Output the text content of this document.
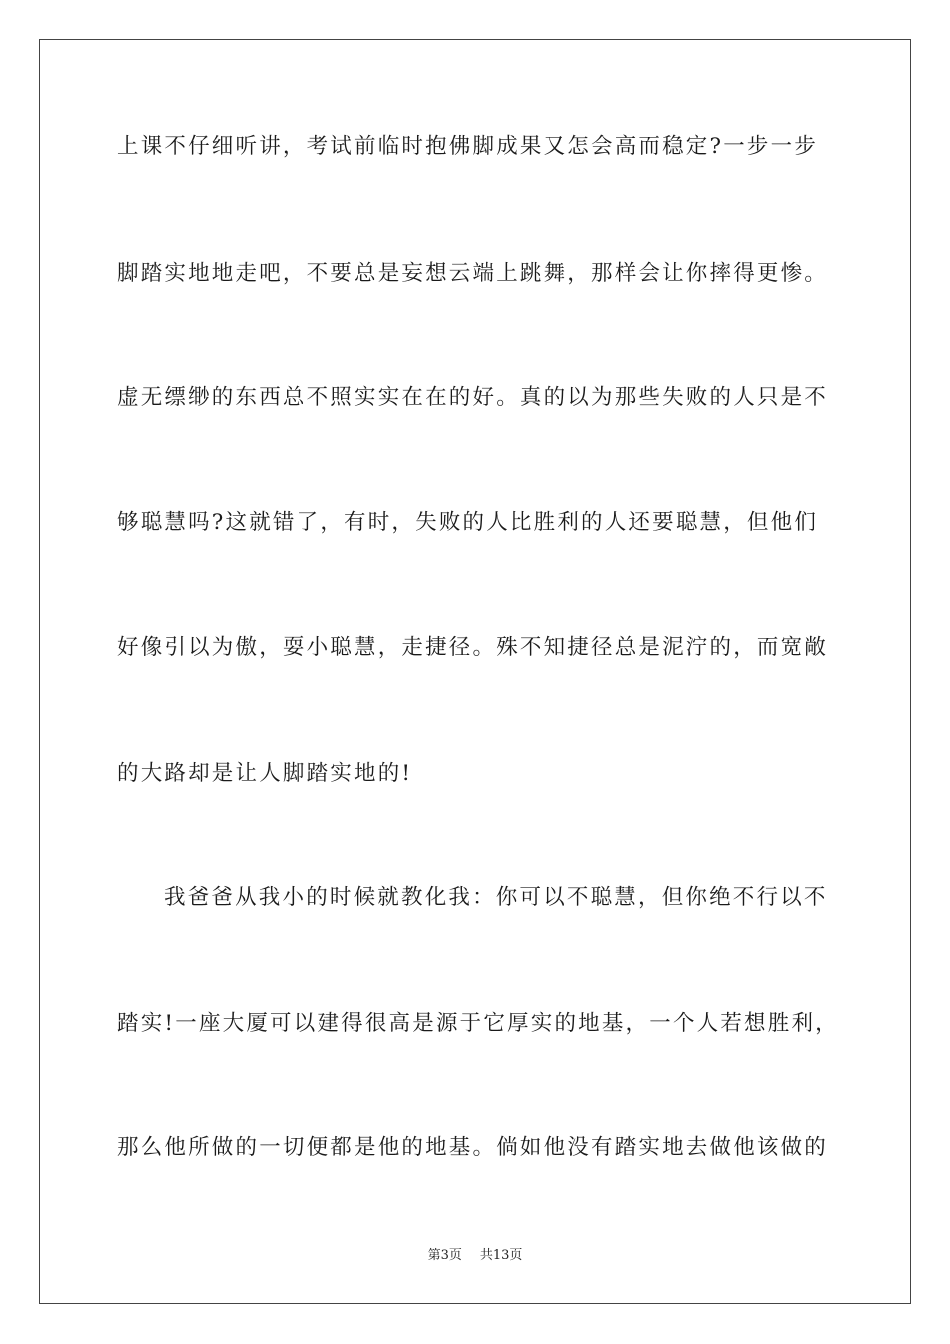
上课不仔细听讲，考试前临时抱佛脚成果又怎会高而稳定?一步一步
脚踏实地地走吧，不要总是妄想云端上跳舞，那样会让你摔得更惨。
虚无缥缈的东西总不照实实在在的好。真的以为那些失败的人只是不
够聪慧吗?这就错了，有时，失败的人比胜利的人还要聪慧，但他们
好像引以为傲，耍小聪慧，走捷径。殊不知捷径总是泥泞的，而宽敞
的大路却是让人脚踏实地的!
我爸爸从我小的时候就教化我：你可以不聪慧，但你绝不行以不
踏实!一座大厦可以建得很高是源于它厚实的地基，一个人若想胜利，
那么他所做的一切便都是他的地基。倘如他没有踏实地去做他该做的
第3页 共13页
